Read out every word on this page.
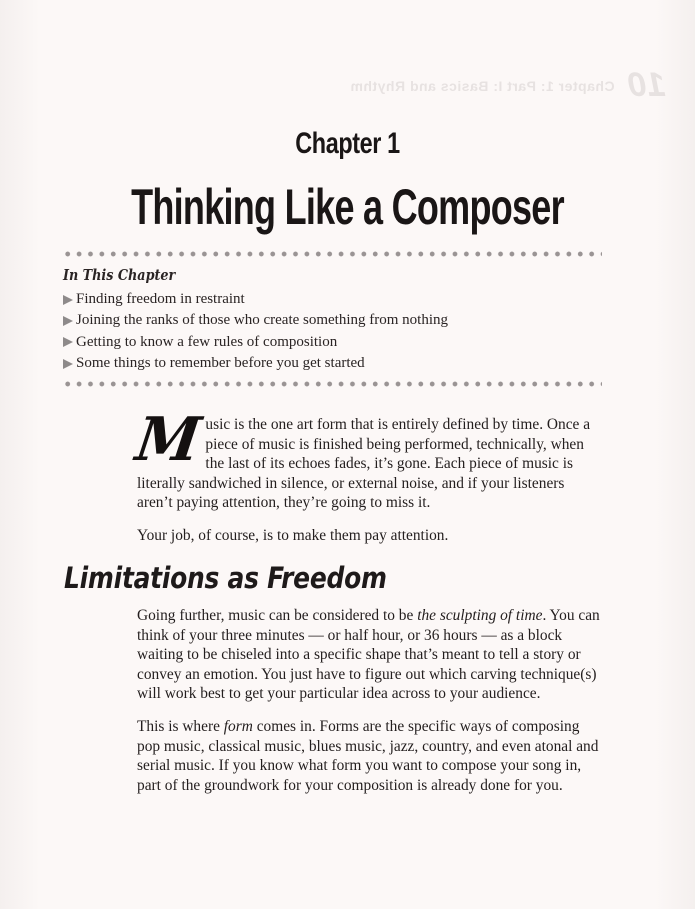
Chapter 1: Part I: Basics and Rhythm 10
Chapter 1
Thinking Like a Composer
In This Chapter
Finding freedom in restraint
Joining the ranks of those who create something from nothing
Getting to know a few rules of composition
Some things to remember before you get started

Music is the one art form that is entirely defined by time. Once a piece of music is finished being performed, technically, when the last of its echoes fades, it’s gone. Each piece of music is literally sandwiched in silence, or external noise, and if your listeners aren’t paying attention, they’re going to miss it.

Your job, of course, is to make them pay attention.

Limitations as Freedom

Going further, music can be considered to be the sculpting of time. You can think of your three minutes — or half hour, or 36 hours — as a block waiting to be chiseled into a specific shape that’s meant to tell a story or convey an emotion. You just have to figure out which carving technique(s) will work best to get your particular idea across to your audience.

This is where form comes in. Forms are the specific ways of composing pop music, classical music, blues music, jazz, country, and even atonal and serial music. If you know what form you want to compose your song in, part of the groundwork for your composition is already done for you.
